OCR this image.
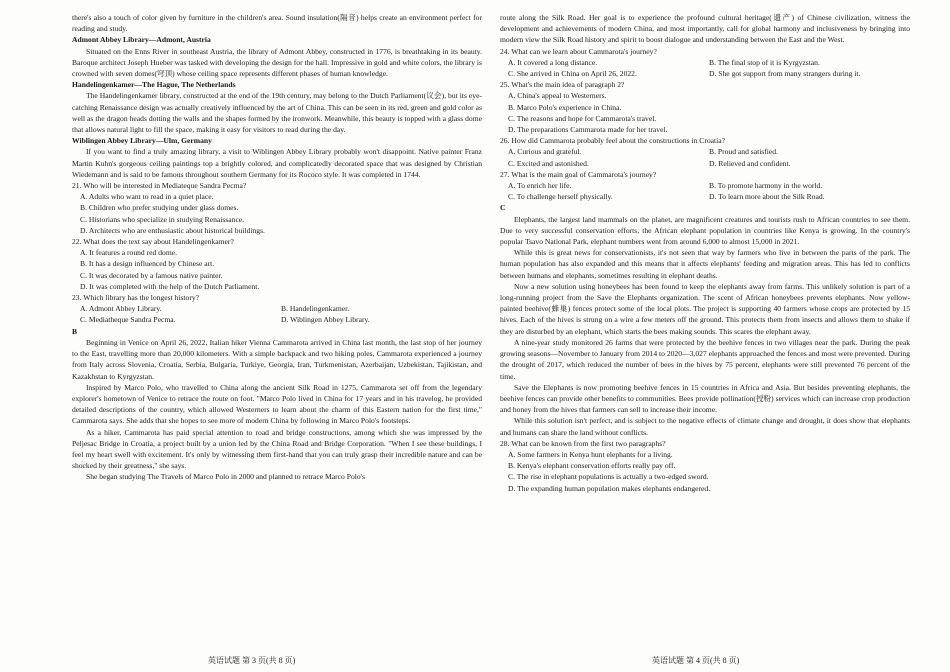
there's also a touch of color given by furniture in the children's area. Sound insulation(隔音) helps create an environment perfect for reading and study.

Admont Abbey Library—Admont, Austria

Situated on the Enns River in southeast Austria, the library of Admont Abbey, constructed in 1776, is breathtaking in its beauty. Baroque architect Joseph Hueber was tasked with developing the design for the hall. Impressive in gold and white colors, the library is crowned with seven domes(穹顶) whose ceiling space represents different phases of human knowledge.

Handelingenkamer—The Hague, The Netherlands

The Handelingenkamer library, constructed at the end of the 19th century, may belong to the Dutch Parliament(议会), but its eye-catching Renaissance design was actually creatively influenced by the art of China. This can be seen in its red, green and gold color as well as the dragon heads dotting the walls and the shapes formed by the ironwork. Meanwhile, this beauty is topped with a glass dome that allows natural light to fill the space, making it easy for visitors to read during the day.

Wiblingen Abbey Library—Ulm, Germany

If you want to find a truly amazing library, a visit to Wiblingen Abbey Library probably won't disappoint. Native painter Franz Martin Kuhn's gorgeous ceiling paintings top a brightly colored, and complicatedly decorated space that was designed by Christian Wiedemann and is said to be famous throughout southern Germany for its Rococo style. It was completed in 1744.

21. Who will be interested in Mediateque Sandra Pecma?

A. Adults who want to read in a quiet place.

B. Children who prefer studying under glass domes.

C. Historians who specialize in studying Renaissance.

D. Architects who are enthusiastic about historical buildings.

22. What does the text say about Handelingenkamer?

A. It features a round red dome.

B. It has a design influenced by Chinese art.

C. It was decorated by a famous native painter.

D. It was completed with the help of the Dutch Parliament.

23. Which library has the longest history?

A. Admont Abbey Library.	B. Handelingenkamer.
C. Mediatheque Sandra Pecma.	D. Wiblingen Abbey Library.

B

Beginning in Venice on April 26, 2022, Italian hiker Vienna Cammarota arrived in China last month, the last stop of her journey to the East, travelling more than 20,000 kilometers. With a simple backpack and two hiking poles, Cammarota experienced a journey from Italy across Slovenia, Croatia, Serbia, Bulgaria, Turkiye, Georgia, Iran, Turkmenistan, Azerbaijan, Uzbekistan, Tajikistan, and Kazakhstan to Kyrgyzstan.

Inspired by Marco Polo, who travelled to China along the ancient Silk Road in 1275, Cammarota set off from the legendary explorer's hometown of Venice to retrace the route on foot. "Marco Polo lived in China for 17 years and in his travelog, he provided detailed descriptions of the country, which allowed Westerners to learn about the charm of this Eastern nation for the first time," Cammarota says. She adds that she hopes to see more of modern China by following in Marco Polo's footsteps.

As a hiker, Cammarota has paid special attention to road and bridge constructions, among which she was impressed by the Peljesac Bridge in Croatia, a project built by a union led by the China Road and Bridge Corporation. "When I see these buildings, I feel my heart swell with excitement. It's only by witnessing them first-hand that you can truly grasp their incredible nature and can be shocked by their greatness," she says.

She began studying The Travels of Marco Polo in 2000 and planned to retrace Marco Polo's

route along the Silk Road. Her goal is to experience the profound cultural heritage(遗产) of Chinese civilization, witness the development and achievements of modern China, and most importantly, call for global harmony and inclusiveness by bringing into modern view the Silk Road history and spirit to boost dialogue and understanding between the East and the West.

24. What can we learn about Cammarota's journey?

A. It covered a long distance.	B. The final stop of it is Kyrgyzstan.
C. She arrived in China on April 26, 2022.	D. She got support from many strangers during it.

25. What's the main idea of paragraph 2?

A. China's appeal to Westerners.

B. Marco Polo's experience in China.

C. The reasons and hope for Cammarota's travel.

D. The preparations Cammarota made for her travel.

26. How did Cammarota probably feel about the constructions in Croatia?

A. Curious and grateful.	B. Proud and satisfied.
C. Excited and astonished.	D. Relieved and confident.

27. What is the main goal of Cammarota's journey?

A. To enrich her life.	B. To promote harmony in the world.
C. To challenge herself physically.	D. To learn more about the Silk Road.

C

Elephants, the largest land mammals on the planet, are magnificent creatures and tourists rush to African countries to see them. Due to very successful conservation efforts, the African elephant population in countries like Kenya is growing. In the country's popular Tsavo National Park, elephant numbers went from around 6,000 to almost 15,000 in 2021.

While this is great news for conservationists, it's not seen that way by farmers who live in between the parts of the park. The human population has also expanded and this means that it affects elephants' feeding and migration areas. This has led to conflicts between humans and elephants, sometimes resulting in elephant deaths.

Now a new solution using honeybees has been found to keep the elephants away from farms. This unlikely solution is part of a long-running project from the Save the Elephants organization. The scent of African honeybees prevents elephants. Now yellow-painted beehive(蜂巢) fences protect some of the local plots. The project is supporting 40 farmers whose crops are protected by 15 hives. Each of the hives is strung on a wire a few meters off the ground. This protects them from insects and allows them to shake if they are disturbed by an elephant, which starts the bees making sounds. This scares the elephant away.

A nine-year study monitored 26 farms that were protected by the beehive fences in two villages near the park. During the peak growing seasons—November to January from 2014 to 2020—3,027 elephants approached the fences and most were prevented. During the drought of 2017, which reduced the number of bees in the hives by 75 percent, elephants were still prevented 76 percent of the time.

Save the Elephants is now promoting beehive fences in 15 countries in Africa and Asia. But besides preventing elephants, the beehive fences can provide other benefits to communities. Bees provide pollination(授粉) services which can increase crop production and honey from the hives that farmers can sell to increase their income.

While this solution isn't perfect, and is subject to the negative effects of climate change and drought, it does show that elephants and humans can share the land without conflicts.

28. What can be known from the first two paragraphs?

A. Some farmers in Kenya hunt elephants for a living.

B. Kenya's elephant conservation efforts really pay off.

C. The rise in elephant populations is actually a two-edged sword.

D. The expanding human population makes elephants endangered.

英语试题 第 3 页(共 8 页)	英语试题 第 4 页(共 8 页)
